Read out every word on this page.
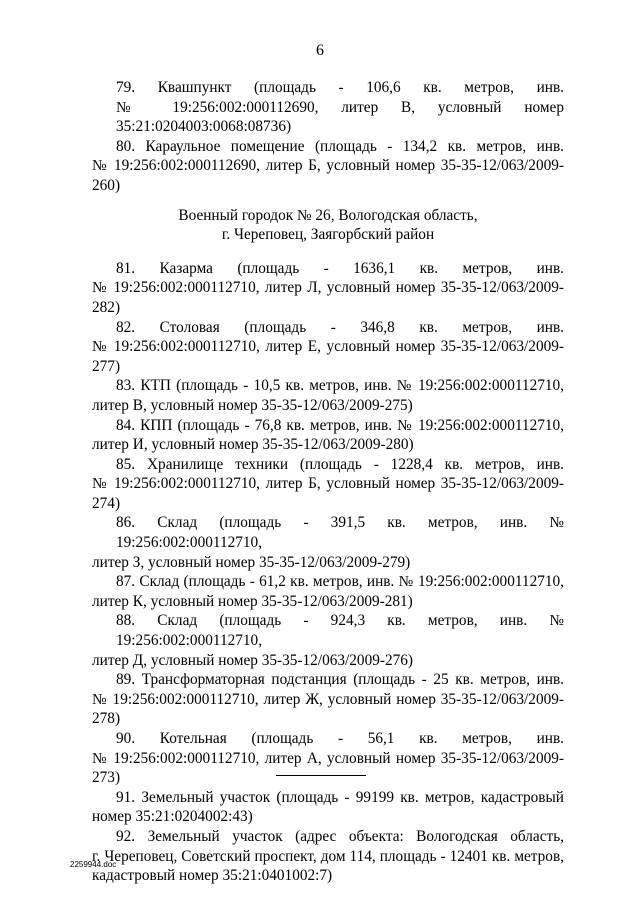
6

79. Квашпункт (площадь - 106,6 кв. метров, инв.
№ 19:256:002:000112690, литер В, условный номер
35:21:0204003:0068:08736)

80. Караульное помещение (площадь - 134,2 кв. метров, инв.
№ 19:256:002:000112690, литер Б, условный номер 35-35-12/063/2009-260)

Военный городок № 26, Вологодская область,
г. Череповец, Заягорбский район

81. Казарма (площадь - 1636,1 кв. метров, инв.
№ 19:256:002:000112710, литер Л, условный номер 35-35-12/063/2009-282)

82. Столовая (площадь - 346,8 кв. метров, инв.
№ 19:256:002:000112710, литер Е, условный номер 35-35-12/063/2009-277)

83. КТП (площадь - 10,5 кв. метров, инв. № 19:256:002:000112710,
литер В, условный номер 35-35-12/063/2009-275)

84. КПП (площадь - 76,8 кв. метров, инв. № 19:256:002:000112710,
литер И, условный номер 35-35-12/063/2009-280)

85. Хранилище техники (площадь - 1228,4 кв. метров, инв.
№ 19:256:002:000112710, литер Б, условный номер 35-35-12/063/2009-274)

86. Склад (площадь - 391,5 кв. метров, инв. № 19:256:002:000112710,
литер З, условный номер 35-35-12/063/2009-279)

87. Склад (площадь - 61,2 кв. метров, инв. № 19:256:002:000112710,
литер К, условный номер 35-35-12/063/2009-281)

88. Склад (площадь - 924,3 кв. метров, инв. № 19:256:002:000112710,
литер Д, условный номер 35-35-12/063/2009-276)

89. Трансформаторная подстанция (площадь - 25 кв. метров, инв.
№ 19:256:002:000112710, литер Ж, условный номер 35-35-12/063/2009-278)

90. Котельная (площадь - 56,1 кв. метров, инв.
№ 19:256:002:000112710, литер А, условный номер 35-35-12/063/2009-273)

91. Земельный участок (площадь - 99199 кв. метров, кадастровый
номер 35:21:0204002:43)

92. Земельный участок (адрес объекта: Вологодская область,
г. Череповец, Советский проспект, дом 114, площадь - 12401 кв. метров,
кадастровый номер 35:21:0401002:7)

2259944.doc
